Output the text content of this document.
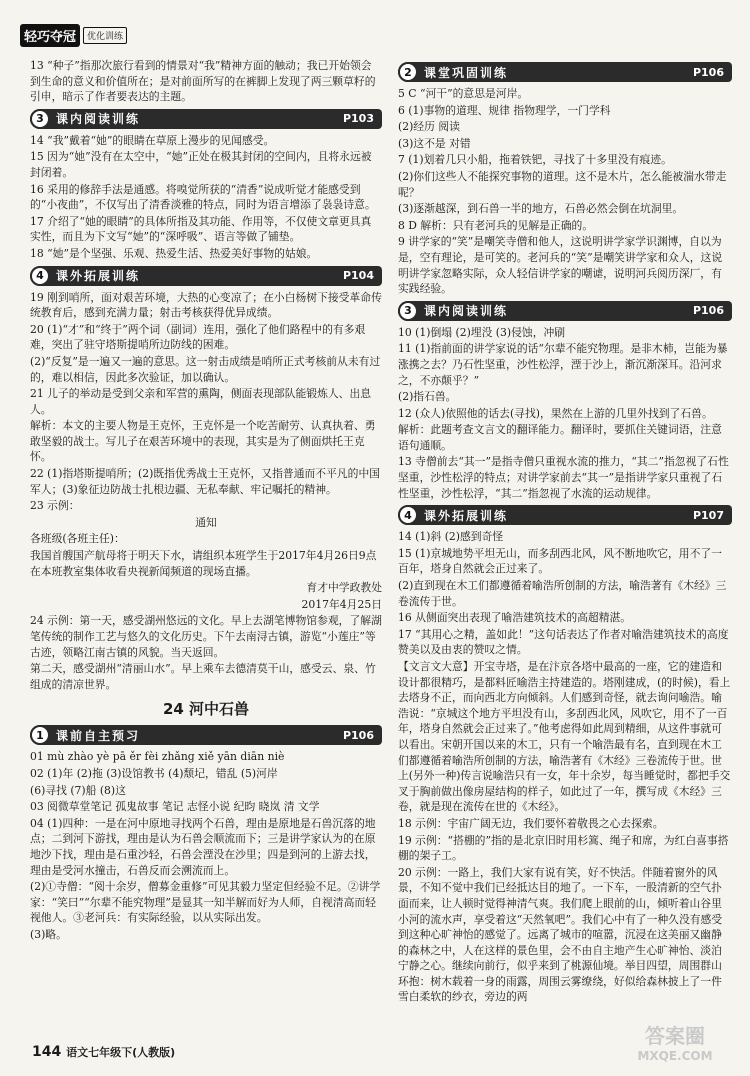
轻巧夺冠	优化训练
13 “种子”指那次旅行看到的情景对“我”精神方面的触动；我已开始领会到生命的意义和价值所在；是对前面所写的在裤脚上发现了两三颗草籽的引申，暗示了作者要表达的主题。
3	课内阅读训练	P103
14 “我”戴着“她”的眼睛在草原上漫步的见闻感受。
15 因为“她”没有在太空中，“她”正处在极其封闭的空间内，且将永远被封闭着。
16 采用的修辞手法是通感。将嗅觉所获的“清香”说成听觉才能感受到的“小夜曲”，不仅写出了清香淡雅的特点，同时为语言增添了袅袅诗意。
17 介绍了“她的眼睛”的具体所指及其功能、作用等，不仅使文章更具真实性，而且为下文写“她”的“深呼吸”、语言等做了铺垫。
18 “她”是个坚强、乐观、热爱生活、热爱美好事物的姑娘。
4	课外拓展训练	P104
19 刚到哨所，面对艰苦环境，大热的心变凉了；在小白杨树下接受革命传统教育后，感到充满力量；射击考核获得优异成绩。
20 (1)“才”和“终于”两个词（副词）连用，强化了他们路程中的有多艰难，突出了驻守塔斯提哨所边防线的困难。
(2)“反复”是一遍又一遍的意思。这一射击成绩是哨所正式考核前从未有过的，难以相信，因此多次验证，加以确认。
21 儿子的举动是受到父亲和军营的熏陶，侧面表现部队能锻炼人、出息人。
解析：本文的主要人物是王克怀，王克怀是一个吃苦耐劳、认真执着、勇敢坚毅的战士。写儿子在艰苦环境中的表现，其实是为了侧面烘托王克怀。
22 (1)指塔斯提哨所；(2)既指优秀战士王克怀，又指普通而不平凡的中国军人；(3)象征边防战士扎根边疆、无私奉献、牢记嘱托的精神。
23 示例：
通知
各班级(各班主任)：
我国首艘国产航母将于明天下水，请组织本班学生于2017年4月26日9点在本班教室集体收看央视新闻频道的现场直播。
育才中学政教处
2017年4月25日
24 示例：第一天，感受湖州悠远的文化。早上去湖笔博物馆参观，了解湖笔传统的制作工艺与悠久的文化历史。下午去南浔古镇，游览“小莲庄”等古迹，领略江南古镇的风貌。当天返回。
第二天，感受湖州“清丽山水”。早上乘车去德清莫干山，感受云、泉、竹组成的清凉世界。
24 河中石兽
1	课前自主预习	P106
01 mù zhào yè pā ěr fèi zhǎng xiě yān diān niè
02 (1)年 (2)拖 (3)设馆教书 (4)颓圮，错乱 (5)河岸
(6)寻找 (7)船 (8)这
03 阅微草堂笔记 孤鬼故事 笔记 志怪小说 纪昀 晓岚 清 文学
04 (1)四种：一是在河中原地寻找两个石兽，理由是原地是石兽沉落的地点；二到河下游找，理由是认为石兽会顺流而下；三是讲学家认为的在原地沙下找，理由是石重沙轻，石兽会湮没在沙里；四是到河的上游去找，理由是受河水撞击，石兽反而会溯流而上。
(2)①寺僧：“阅十余岁，僧募金重修”可见其毅力坚定但经验不足。②讲学家：“笑曰”“尔辈不能究物理”是显其一知半解而好为人师，自视清高而轻视他人。③老河兵：有实际经验，以从实际出发。
(3)略。
2	课堂巩固训练	P106
5 C “河干”的意思是河岸。
6 (1)事物的道理、规律 指物理学，一门学科
(2)经历 阅读
(3)这不是 对错
7 (1)划着几只小船，拖着铁钯，寻找了十多里没有痕迹。
(2)你们这些人不能探究事物的道理。这不是木片，怎么能被湍水带走呢？
(3)逐渐越深，到石兽一半的地方，石兽必然会倒在坑洞里。
8 D 解析：只有老河兵的见解是正确的。
9 讲学家的“笑”是嘲笑寺僧和他人，这说明讲学家学识渊博，自以为是，空有理论，是可笑的。老河兵的“笑”是嘲笑讲学家和众人，这说明讲学家忽略实际，众人轻信讲学家的嘲谑，说明河兵阅历深厂，有实践经验。
3	课内阅读训练	P106
10 (1)倒塌 (2)埋没 (3)侵蚀，冲刷
11 (1)指前面的讲学家说的话“尔辈不能究物理。是非木柿，岂能为暴涨携之去？乃石性坚重，沙性松浮，湮于沙上，渐沉渐深耳。沿河求之，不亦颠乎？”
(2)指石兽。
12 (众人)依照他的话去(寻找)，果然在上游的几里外找到了石兽。
解析：此题考查文言文的翻译能力。翻译时，要抓住关键词语，注意语句通顺。
13 寺僧前去“其一”是指寺僧只重视水流的推力，“其二”指忽视了石性坚重，沙性松浮的特点；对讲学家前去“其一”是指讲学家只重视了石性坚重，沙性松浮，“其二”指忽视了水流的运动规律。
4	课外拓展训练	P107
14 (1)斜 (2)感到奇怪
15 (1)京城地势平坦无山，而多刮西北风，风不断地吹它，用不了一百年，塔身自然就会正过来了。
(2)直到现在木工们都遵循着喻浩所创制的方法，喻浩著有《木经》三卷流传于世。
16 从侧面突出表现了喻浩建筑技术的高超精湛。
17 “其用心之精，盖如此！”这句话表达了作者对喻浩建筑技术的高度赞美以及由衷的赞叹之情。
【文言文大意】开宝寺塔，是在汴京各塔中最高的一座，它的建造和设计都很精巧，是都料匠喻浩主持建造的。塔刚建成，(的时候)，看上去塔身不正，而向西北方向倾斜。人们感到奇怪，就去询问喻浩。喻浩说：“京城这个地方平坦没有山，多刮西北风，风吹它，用不了一百年，塔身自然就会正过来了。”他考虑得如此周到精细，从这件事就可以看出。宋朝开国以来的木工，只有一个喻浩最有名，直到现在木工们都遵循着喻浩所创制的方法，喻浩著有《木经》三卷流传于世。世上(另外一种)传言说喻浩只有一女，年十余岁，每当睡觉时，都把手交叉于胸前做出像房屋结构的样子，如此过了一年，撰写成《木经》三卷，就是现在流传在世的《木经》。
18 示例：宇宙广阔无边，我们要怀着敬畏之心去探索。
19 示例：“搭棚的”指的是北京旧时用杉篙、绳子和席，为红白喜事搭棚的架子工。
20 示例：一路上，我们大家有说有笑，好不快活。伴随着窗外的风景，不知不觉中我们已经抵达目的地了。一下车，一股清新的空气扑面而来，让人顿时觉得神清气爽。我们爬上眼前的山，倾听着山谷里小河的流水声，享受着这“天然氧吧”。我们心中有了一种久没有感受到这种心旷神怡的感觉了。远离了城市的喧嚣，沉浸在这美丽又幽静的森林之中，人在这样的景色里，会不由自主地产生心旷神怡、淡泊宁静之心。继续向前行，似乎来到了桃源仙境。举目四望，周围群山环抱：树木载着一身的雨露，周围云雾缭绕，好似给森林披上了一件雪白柔软的纱衣，旁边的两
144 语文七年级下(人教版)
答案圈
MXQE.COM
